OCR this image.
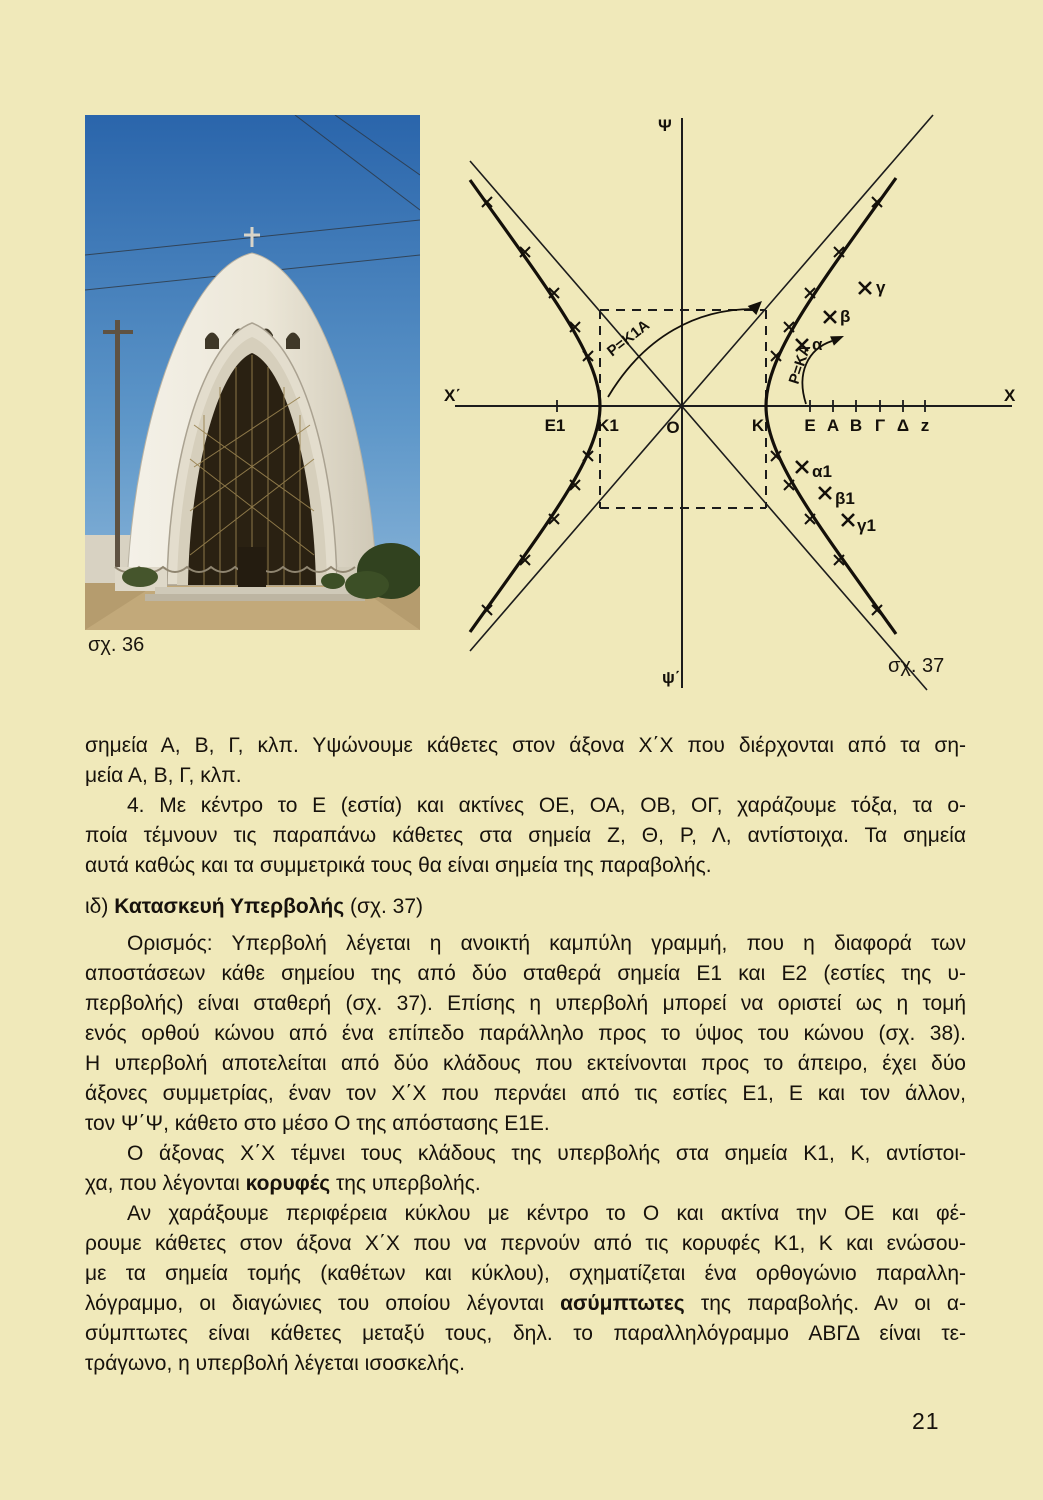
σχ. 36
Ψ
ψ΄
Χ΄	X
Ε1 Κ1	Ο	Κ Ε Α Β Γ Δ z
Ρ=Κ1Α
Ρ=ΚΑ
γ
β
α
α1
β1
γ1
σχ. 37
σημεία Α, Β, Γ, κλπ. Υψώνουμε κάθετες στον άξονα Χ΄Χ που διέρχονται από τα ση-
μεία Α, Β, Γ, κλπ.
4. Με κέντρο το Ε (εστία) και ακτίνες ΟΕ, ΟΑ, ΟΒ, ΟΓ, χαράζουμε τόξα, τα ο-
ποία τέμνουν τις παραπάνω κάθετες στα σημεία Ζ, Θ, Ρ, Λ, αντίστοιχα. Τα σημεία
αυτά καθώς και τα συμμετρικά τους θα είναι σημεία της παραβολής.
ιδ) Κατασκευή Υπερβολής (σχ. 37)
Ορισμός: Υπερβολή λέγεται η ανοικτή καμπύλη γραμμή, που η διαφορά των
αποστάσεων κάθε σημείου της από δύο σταθερά σημεία Ε1 και Ε2 (εστίες της υ-
περβολής) είναι σταθερή (σχ. 37). Επίσης η υπερβολή μπορεί να οριστεί ως η τομή
ενός ορθού κώνου από ένα επίπεδο παράλληλο προς το ύψος του κώνου (σχ. 38).
Η υπερβολή αποτελείται από δύο κλάδους που εκτείνονται προς το άπειρο, έχει δύο
άξονες συμμετρίας, έναν τον Χ΄Χ που περνάει από τις εστίες Ε1, Ε και τον άλλον,
τον Ψ΄Ψ, κάθετο στο μέσο Ο της απόστασης Ε1Ε.
Ο άξονας Χ΄Χ τέμνει τους κλάδους της υπερβολής στα σημεία Κ1, Κ, αντίστοι-
χα, που λέγονται κορυφές της υπερβολής.
Αν χαράξουμε περιφέρεια κύκλου με κέντρο το Ο και ακτίνα την ΟΕ και φέ-
ρουμε κάθετες στον άξονα Χ΄Χ που να περνούν από τις κορυφές Κ1, Κ και ενώσου-
με τα σημεία τομής (καθέτων και κύκλου), σχηματίζεται ένα ορθογώνιο παραλλη-
λόγραμμο, οι διαγώνιες του οποίου λέγονται ασύμπτωτες της παραβολής. Αν οι α-
σύμπτωτες είναι κάθετες μεταξύ τους, δηλ. το παραλληλόγραμμο ΑΒΓΔ είναι τε-
τράγωνο, η υπερβολή λέγεται ισοσκελής.
21
